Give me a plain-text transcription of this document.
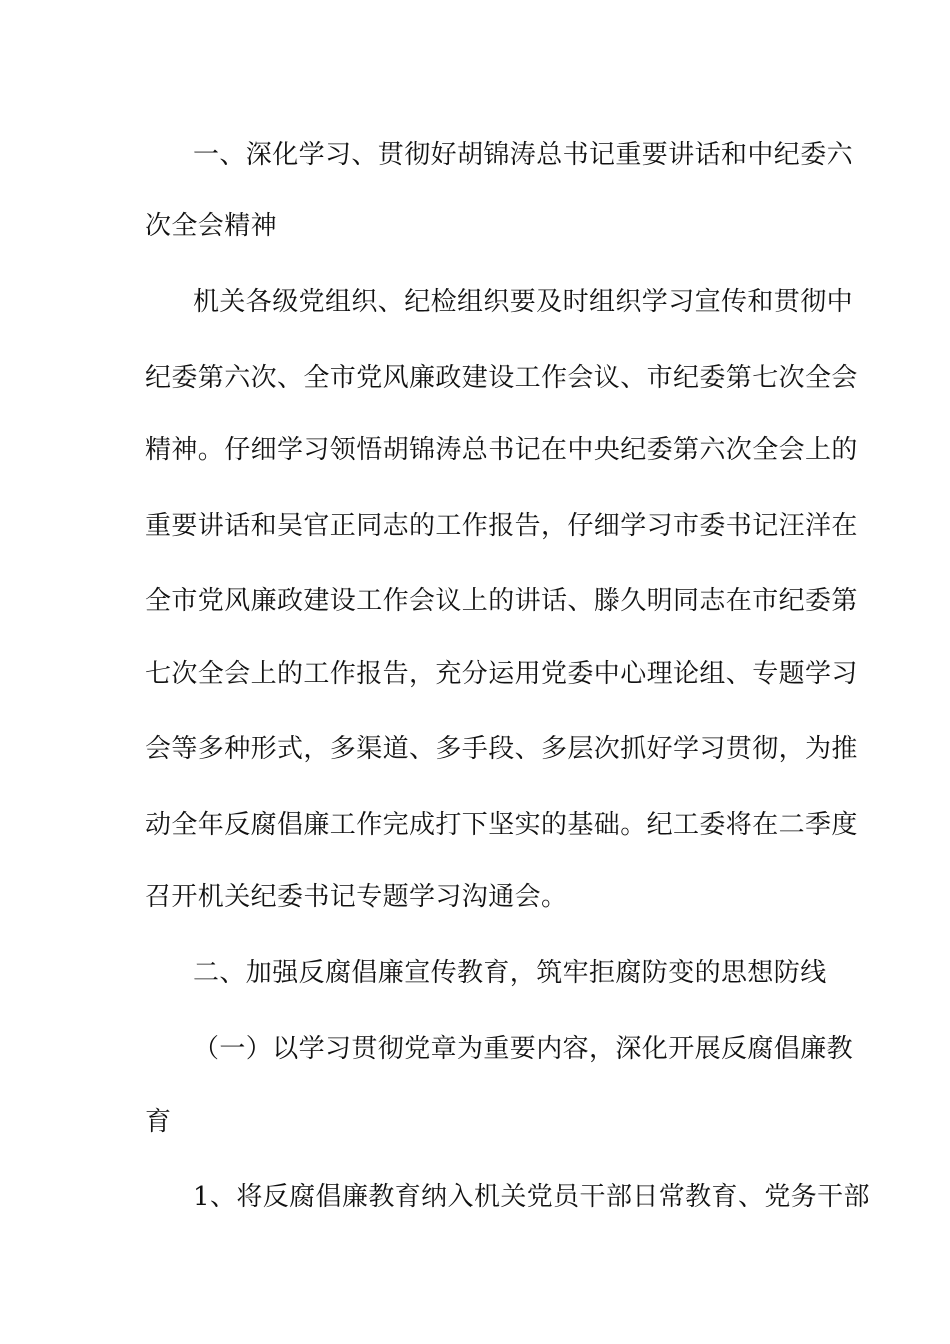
一、深化学习、贯彻好胡锦涛总书记重要讲话和中纪委六
次全会精神
机关各级党组织、纪检组织要及时组织学习宣传和贯彻中
纪委第六次、全市党风廉政建设工作会议、市纪委第七次全会
精神。仔细学习领悟胡锦涛总书记在中央纪委第六次全会上的
重要讲话和吴官正同志的工作报告，仔细学习市委书记汪洋在
全市党风廉政建设工作会议上的讲话、滕久明同志在市纪委第
七次全会上的工作报告，充分运用党委中心理论组、专题学习
会等多种形式，多渠道、多手段、多层次抓好学习贯彻，为推
动全年反腐倡廉工作完成打下坚实的基础。纪工委将在二季度
召开机关纪委书记专题学习沟通会。
二、加强反腐倡廉宣传教育，筑牢拒腐防变的思想防线
（一）以学习贯彻党章为重要内容，深化开展反腐倡廉教
育
1、将反腐倡廉教育纳入机关党员干部日常教育、党务干部
